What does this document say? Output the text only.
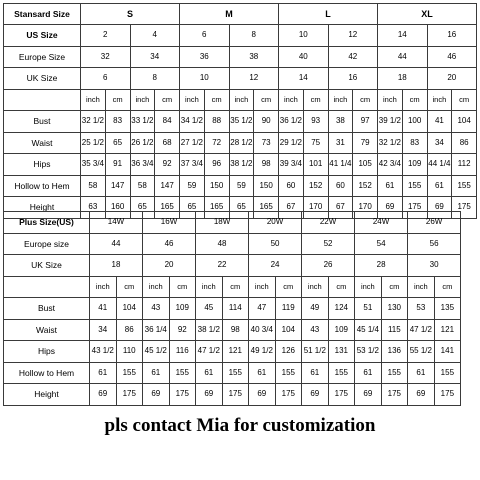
Stansard Size	S				M				L				XL			
US Size	2		4		6		8		10		12		14		16	
Europe Size	32		34		36		38		40		42		44		46	
UK Size	6		8		10		12		14		16		18		20	
	inch	cm	inch	cm	inch	cm	inch	cm	inch	cm	inch	cm	inch	cm	inch	cm
Bust	32 1/2	83	33 1/2	84	34 1/2	88	35 1/2	90	36 1/2	93	38	97	39 1/2	100	41	104
Waist	25 1/2	65	26 1/2	68	27 1/2	72	28 1/2	73	29 1/2	75	31	79	32 1/2	83	34	86
Hips	35 3/4	91	36 3/4	92	37 3/4	96	38 1/2	98	39 3/4	101	41 1/4	105	42 3/4	109	44 1/4	112
Hollow to Hem	58	147	58	147	59	150	59	150	60	152	60	152	61	155	61	155
Height	63	160	65	165	65	165	65	165	67	170	67	170	69	175	69	175
Plus Size(US)	14W		16W		18W		20W		22W		24W		26W	
Europe size	44		46		48		50		52		54		56	
UK Size	18		20		22		24		26		28		30	
	inch	cm	inch	cm	inch	cm	inch	cm	inch	cm	inch	cm	inch	cm
Bust	41	104	43	109	45	114	47	119	49	124	51	130	53	135
Waist	34	86	36 1/4	92	38 1/2	98	40 3/4	104	43	109	45 1/4	115	47 1/2	121
Hips	43 1/2	110	45 1/2	116	47 1/2	121	49 1/2	126	51 1/2	131	53 1/2	136	55 1/2	141
Hollow to Hem	61	155	61	155	61	155	61	155	61	155	61	155	61	155
Height	69	175	69	175	69	175	69	175	69	175	69	175	69	175
pls contact Mia for customization
